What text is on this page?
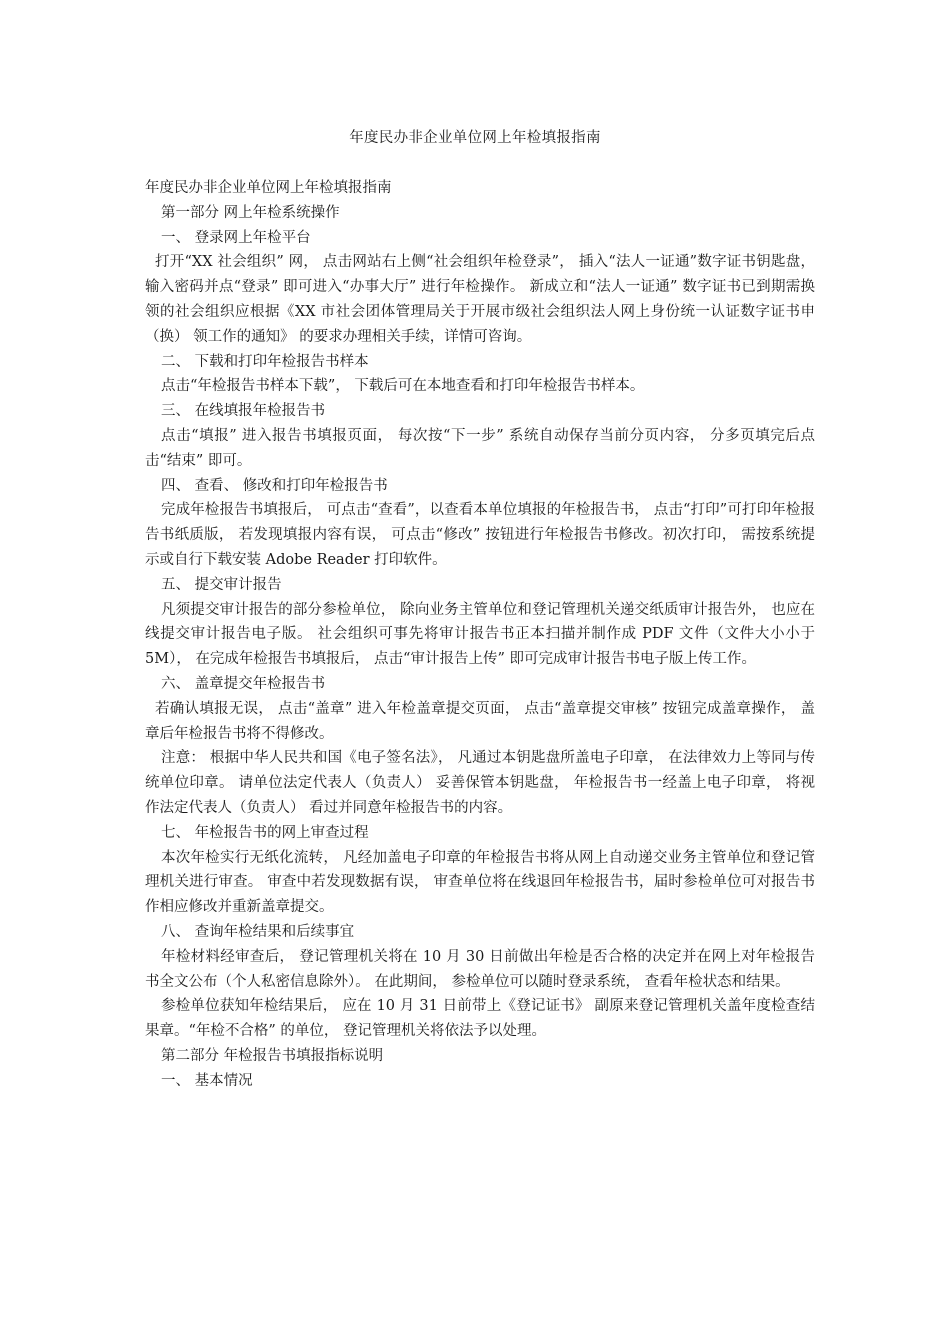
年度民办非企业单位网上年检填报指南

年度民办非企业单位网上年检填报指南

第一部分 网上年检系统操作

一、 登录网上年检平台

打开“XX 社会组织” 网， 点击网站右上侧“社会组织年检登录”， 插入“法人一证通”数字证书钥匙盘， 输入密码并点“登录” 即可进入“办事大厅” 进行年检操作。 新成立和“法人一证通” 数字证书已到期需换领的社会组织应根据《XX 市社会团体管理局关于开展市级社会组织法人网上身份统一认证数字证书申（换） 领工作的通知》 的要求办理相关手续，详情可咨询。

二、 下载和打印年检报告书样本

点击“年检报告书样本下载”， 下载后可在本地查看和打印年检报告书样本。

三、 在线填报年检报告书

点击“填报” 进入报告书填报页面， 每次按“下一步” 系统自动保存当前分页内容， 分多页填完后点击“结束” 即可。

四、 查看、 修改和打印年检报告书

完成年检报告书填报后， 可点击“查看”，以查看本单位填报的年检报告书， 点击“打印”可打印年检报告书纸质版， 若发现填报内容有误， 可点击“修改” 按钮进行年检报告书修改。初次打印， 需按系统提示或自行下载安装 Adobe Reader 打印软件。

五、 提交审计报告

凡须提交审计报告的部分参检单位， 除向业务主管单位和登记管理机关递交纸质审计报告外， 也应在线提交审计报告电子版。 社会组织可事先将审计报告书正本扫描并制作成 PDF 文件（文件大小小于 5M）， 在完成年检报告书填报后， 点击“审计报告上传” 即可完成审计报告书电子版上传工作。

六、 盖章提交年检报告书

若确认填报无误， 点击“盖章” 进入年检盖章提交页面， 点击“盖章提交审核” 按钮完成盖章操作， 盖章后年检报告书将不得修改。

注意： 根据中华人民共和国《电子签名法》， 凡通过本钥匙盘所盖电子印章， 在法律效力上等同与传统单位印章。 请单位法定代表人（负责人） 妥善保管本钥匙盘， 年检报告书一经盖上电子印章， 将视作法定代表人（负责人） 看过并同意年检报告书的内容。

七、 年检报告书的网上审查过程

本次年检实行无纸化流转， 凡经加盖电子印章的年检报告书将从网上自动递交业务主管单位和登记管理机关进行审查。 审查中若发现数据有误， 审查单位将在线退回年检报告书，届时参检单位可对报告书作相应修改并重新盖章提交。

八、 查询年检结果和后续事宜

年检材料经审查后， 登记管理机关将在 10 月 30 日前做出年检是否合格的决定并在网上对年检报告书全文公布（个人私密信息除外）。 在此期间， 参检单位可以随时登录系统， 查看年检状态和结果。

参检单位获知年检结果后， 应在 10 月 31 日前带上《登记证书》 副原来登记管理机关盖年度检查结果章。“年检不合格” 的单位， 登记管理机关将依法予以处理。

第二部分 年检报告书填报指标说明

一、 基本情况
